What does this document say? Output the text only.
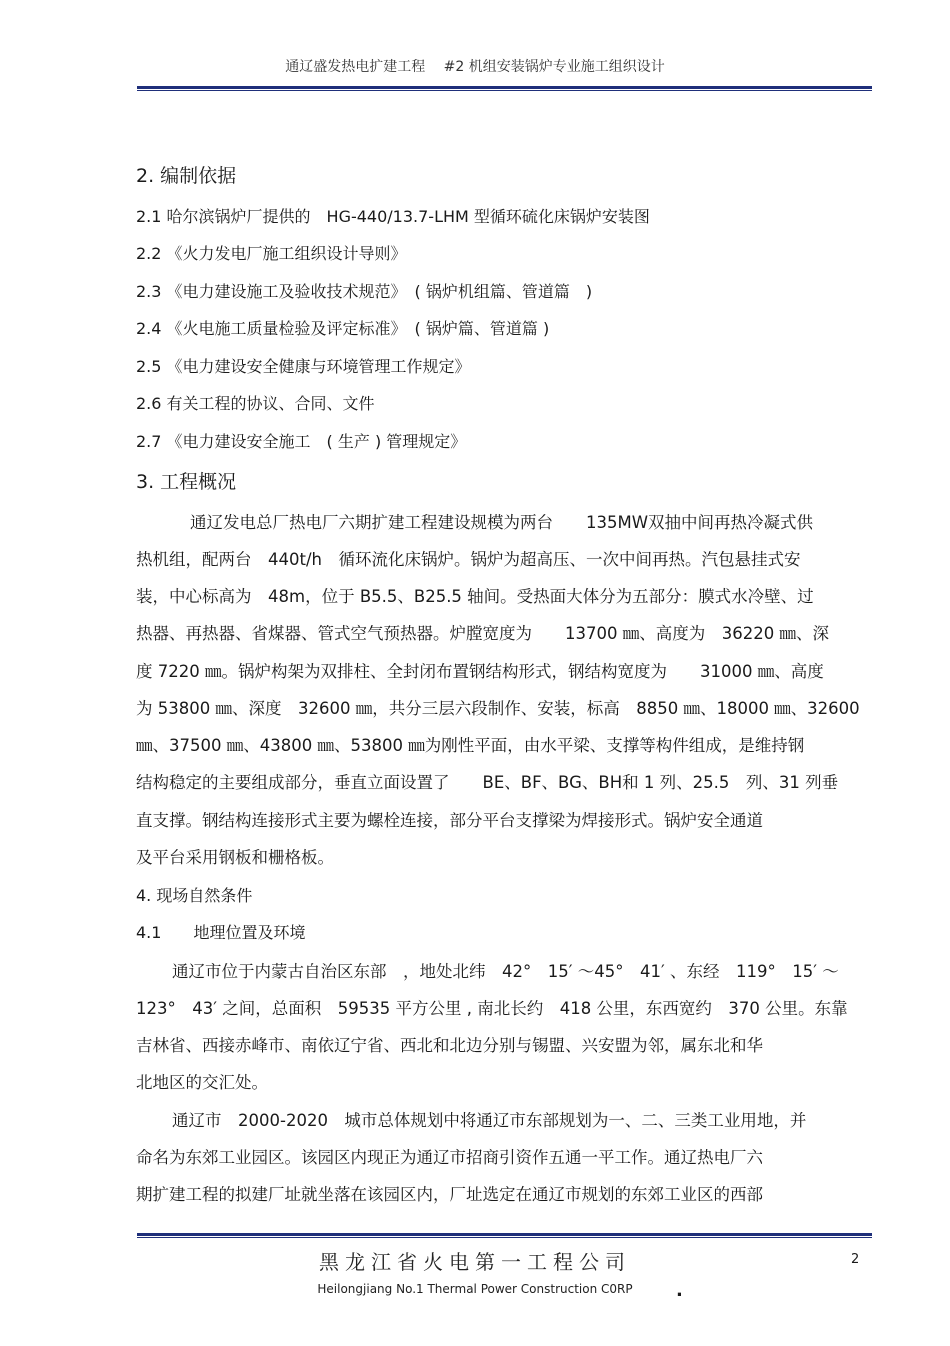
通辽盛发热电扩建工程　 #2 机组安装锅炉专业施工组织设计
2. 编制依据
2.1 哈尔滨锅炉厂提供的　HG-440/13.7-LHM 型循环硫化床锅炉安装图
2.2 《火力发电厂施工组织设计导则》
2.3 《电力建设施工及验收技术规范》　( 锅炉机组篇、管道篇　)
2.4 《火电施工质量检验及评定标准》　( 锅炉篇、管道篇 )
2.5 《电力建设安全健康与环境管理工作规定》
2.6 有关工程的协议、合同、文件
2.7 《电力建设安全施工　( 生产 ) 管理规定》
3. 工程概况
通辽发电总厂热电厂六期扩建工程建设规模为两台　　135MW双抽中间再热冷凝式供
热机组，配两台　440t/h　循环流化床锅炉。锅炉为超高压、一次中间再热。汽包悬挂式安
装，中心标高为　48m，位于 B5.5、B25.5 轴间。受热面大体分为五部分：膜式水冷壁、过
热器、再热器、省煤器、管式空气预热器。炉膛宽度为　　13700 ㎜、高度为　36220 ㎜、深
度 7220 ㎜。锅炉构架为双排柱、全封闭布置钢结构形式，钢结构宽度为　　31000 ㎜、高度
为 53800 ㎜、深度　32600 ㎜，共分三层六段制作、安装，标高　8850 ㎜、18000 ㎜、32600
㎜、37500 ㎜、43800 ㎜、53800 ㎜为刚性平面，由水平梁、支撑等构件组成，是维持钢
结构稳定的主要组成部分，垂直立面设置了　　BE、BF、BG、BH和 1 列、25.5　列、31 列垂
直支撑。钢结构连接形式主要为螺栓连接，部分平台支撑梁为焊接形式。锅炉安全通道
及平台采用钢板和栅格板。
4. 现场自然条件
4.1　　地理位置及环境
通辽市位于内蒙古自治区东部　，地处北纬　42°　15′ ～45°　41′ 、东经　119°　15′ ～
123°　43′ 之间，总面积　59535 平方公里 , 南北长约　418 公里，东西宽约　370 公里。东靠
吉林省、西接赤峰市、南依辽宁省、西北和北边分别与锡盟、兴安盟为邻，属东北和华
北地区的交汇处。
通辽市　2000-2020　城市总体规划中将通辽市东部规划为一、二、三类工业用地，并
命名为东郊工业园区。该园区内现正为通辽市招商引资作五通一平工作。通辽热电厂六
期扩建工程的拟建厂址就坐落在该园区内，厂址选定在通辽市规划的东郊工业区的西部
黑龙江省火电第一工程公司	2
Heilongjiang No.1 Thermal Power Construction C0RP	.
